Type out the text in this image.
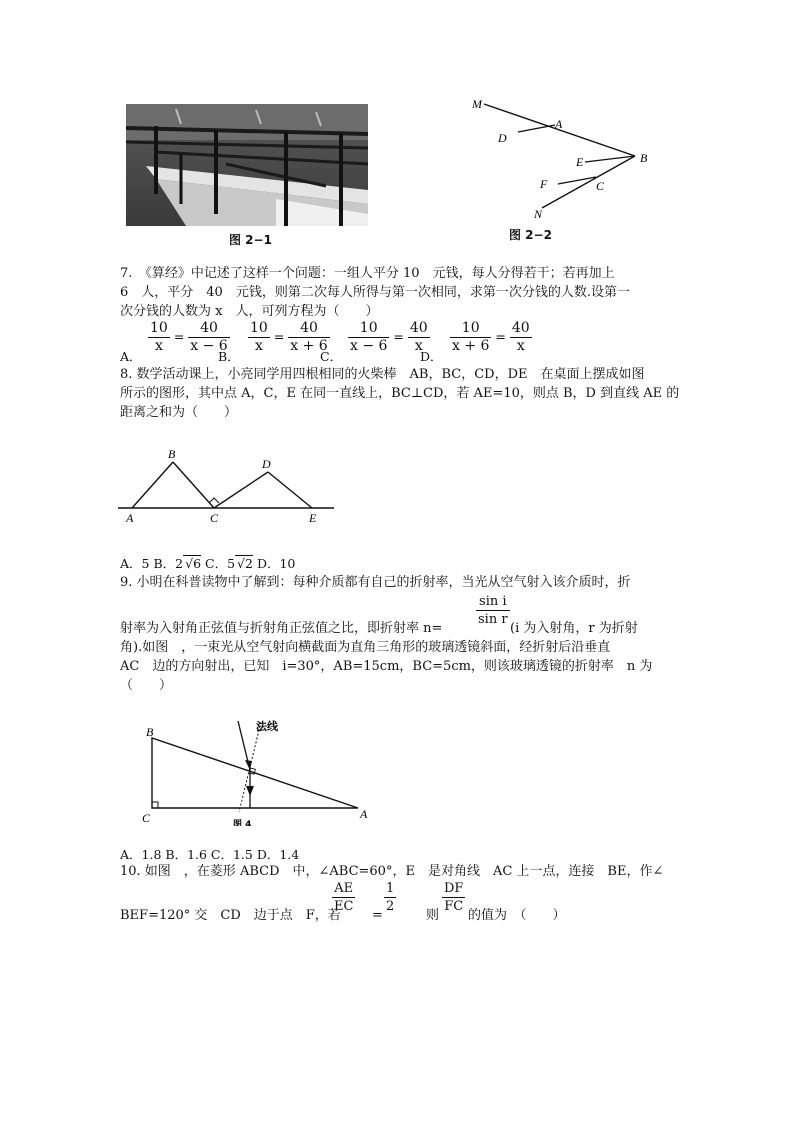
图 2−1
M
A
D
B
E
C
F
N
图 2−2
7.　《算经》中记述了这样一个问题：一组人平分 10　元钱，每人分得若干；若再加上
6　人，平分　40　元钱，则第二次每人所得与第一次相同，求第一次分钱的人数.设第一
次分钱的人数为 x　人，可列方程为（　　）
A．
$\frac{10}{x} = \frac{40}{x - 6}$
B．
$\frac{10}{x} = \frac{40}{x + 6}$
C．
$\frac{10}{x - 6} = \frac{40}{x}$
D．
$\frac{10}{x + 6} = \frac{40}{x}$
8. 数学活动课上，小亮同学用四根相同的火柴棒　AB，BC，CD，DE　在桌面上摆成如图
所示的图形，其中点 A，C，E 在同一直线上，BC⊥CD，若 AE=10，则点 B，D 到直线 AE 的
距离之和为（　　）
B
D
A	C	E
A．5 B．2 √6 C．5 √2 D．10
9. 小明在科普读物中了解到：每种介质都有自己的折射率，当光从空气射入该介质时，折
$\frac{\text{sin i}}{\text{sin r}}$
射率为入射角正弦值与折射角正弦值之比，即折射率 n=	(i 为入射角，r 为折射
角).如图　，一束光从空气射向横截面为直角三角形的玻璃透镜斜面，经折射后沿垂直
AC　边的方向射出，已知　i=30°，AB=15cm，BC=5cm，则该玻璃透镜的折射率　n 为
（　　）
法线
B
C	A
图 4
A．1.8 B．1.6 C．1.5 D．1.4
10. 如图　，在菱形 ABCD　中，∠ABC=60°，E　是对角线　AC 上一点，连接　BE，作∠
BEF=120° 交　CD　边于点　F，若
$\frac{AE}{EC}$
=
$\frac{1}{2}$
则
$\frac{DF}{FC}$
的值为　（　　）
